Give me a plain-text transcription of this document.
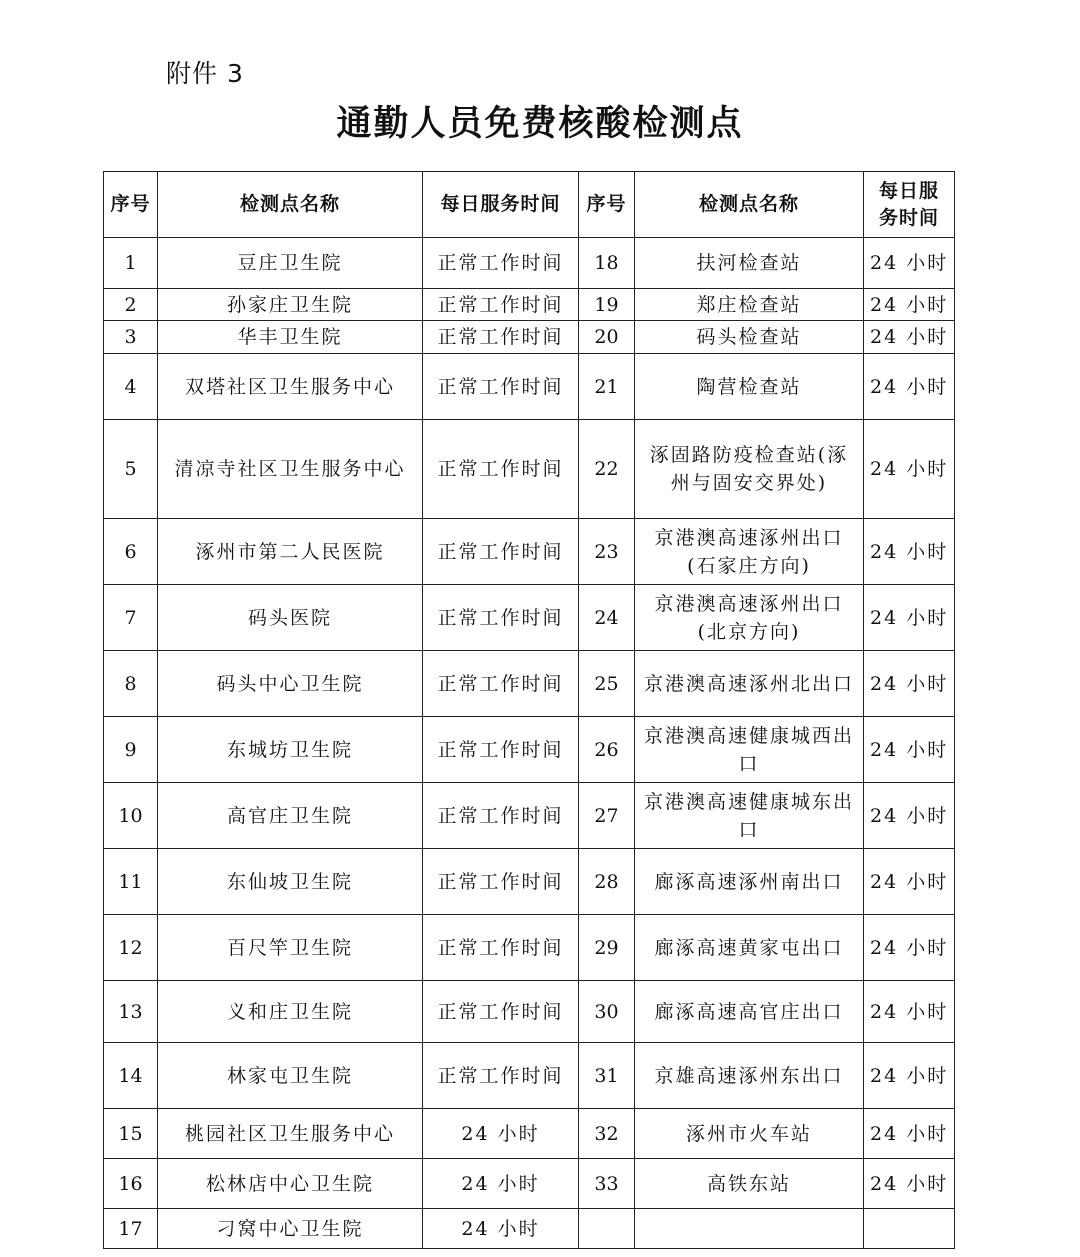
附件 3
通勤人员免费核酸检测点
序号	检测点名称	每日服务时间	序号	检测点名称	每日服务时间
1	豆庄卫生院	正常工作时间	18	扶河检查站	24 小时
2	孙家庄卫生院	正常工作时间	19	郑庄检查站	24 小时
3	华丰卫生院	正常工作时间	20	码头检查站	24 小时
4	双塔社区卫生服务中心	正常工作时间	21	陶营检查站	24 小时
5	清凉寺社区卫生服务中心	正常工作时间	22	涿固路防疫检查站(涿州与固安交界处)	24 小时
6	涿州市第二人民医院	正常工作时间	23	京港澳高速涿州出口(石家庄方向)	24 小时
7	码头医院	正常工作时间	24	京港澳高速涿州出口(北京方向)	24 小时
8	码头中心卫生院	正常工作时间	25	京港澳高速涿州北出口	24 小时
9	东城坊卫生院	正常工作时间	26	京港澳高速健康城西出口	24 小时
10	高官庄卫生院	正常工作时间	27	京港澳高速健康城东出口	24 小时
11	东仙坡卫生院	正常工作时间	28	廊涿高速涿州南出口	24 小时
12	百尺竿卫生院	正常工作时间	29	廊涿高速黄家屯出口	24 小时
13	义和庄卫生院	正常工作时间	30	廊涿高速高官庄出口	24 小时
14	林家屯卫生院	正常工作时间	31	京雄高速涿州东出口	24 小时
15	桃园社区卫生服务中心	24 小时	32	涿州市火车站	24 小时
16	松林店中心卫生院	24 小时	33	高铁东站	24 小时
17	刁窝中心卫生院	24 小时			
